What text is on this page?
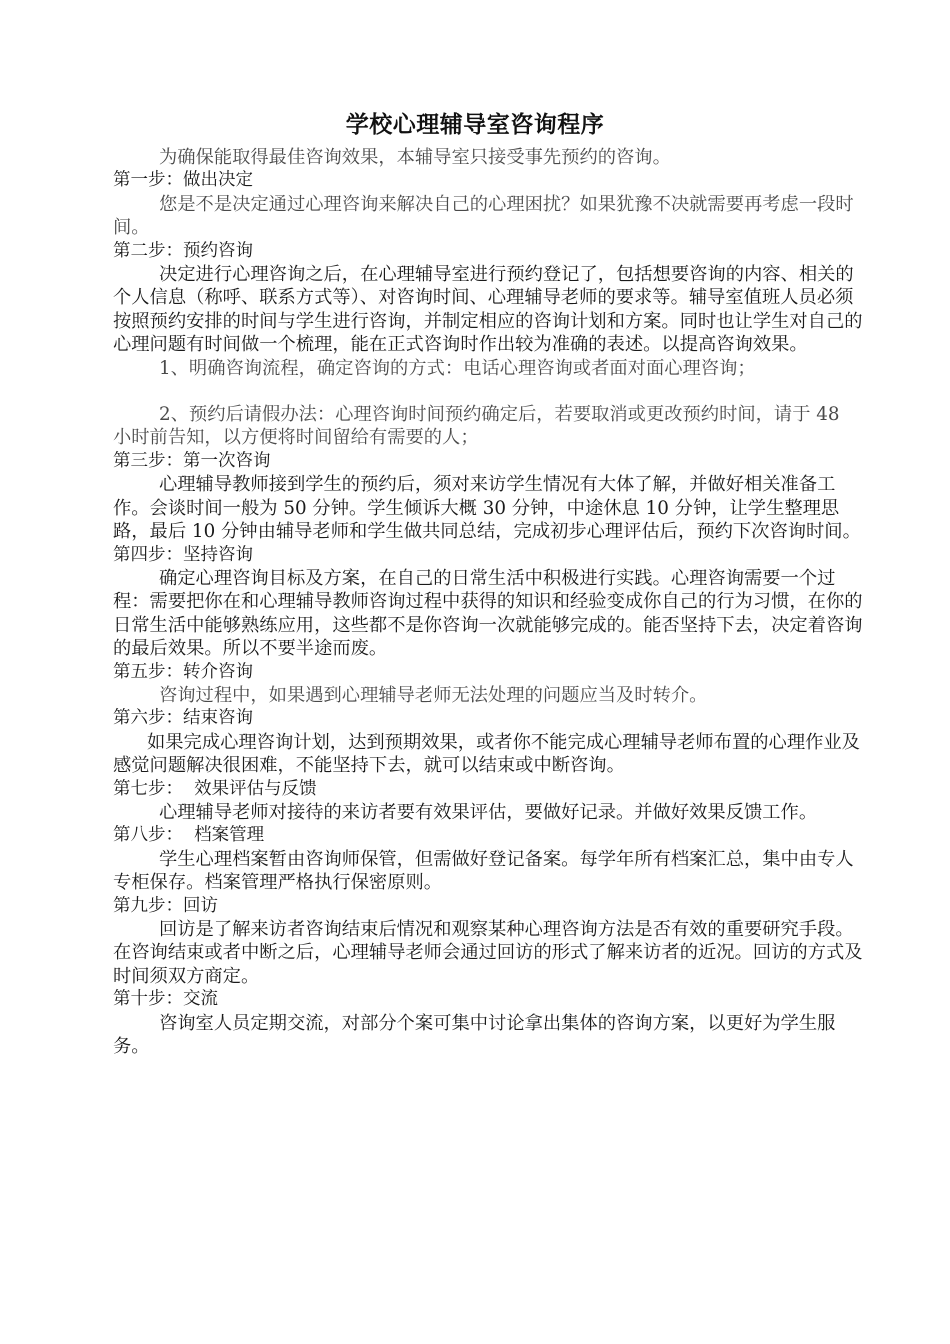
学校心理辅导室咨询程序

为确保能取得最佳咨询效果，本辅导室只接受事先预约的咨询。

第一步：做出决定

您是不是决定通过心理咨询来解决自己的心理困扰？如果犹豫不决就需要再考虑一段时间。

第二步：预约咨询

决定进行心理咨询之后，在心理辅导室进行预约登记了，包括想要咨询的内容、相关的个人信息（称呼、联系方式等）、对咨询时间、心理辅导老师的要求等。辅导室值班人员必须按照预约安排的时间与学生进行咨询，并制定相应的咨询计划和方案。同时也让学生对自己的心理问题有时间做一个梳理，能在正式咨询时作出较为准确的表述。以提高咨询效果。

1、明确咨询流程，确定咨询的方式：电话心理咨询或者面对面心理咨询；

2、预约后请假办法：心理咨询时间预约确定后，若要取消或更改预约时间，请于 48 小时前告知，以方便将时间留给有需要的人；

第三步：第一次咨询

心理辅导教师接到学生的预约后，须对来访学生情况有大体了解，并做好相关准备工作。会谈时间一般为 50 分钟。学生倾诉大概 30 分钟，中途休息 10 分钟，让学生整理思路，最后 10 分钟由辅导老师和学生做共同总结，完成初步心理评估后，预约下次咨询时间。

第四步：坚持咨询

确定心理咨询目标及方案，在自己的日常生活中积极进行实践。心理咨询需要一个过程：需要把你在和心理辅导教师咨询过程中获得的知识和经验变成你自己的行为习惯，在你的日常生活中能够熟练应用，这些都不是你咨询一次就能够完成的。能否坚持下去，决定着咨询的最后效果。所以不要半途而废。

第五步：转介咨询

咨询过程中，如果遇到心理辅导老师无法处理的问题应当及时转介。

第六步：结束咨询

如果完成心理咨询计划，达到预期效果，或者你不能完成心理辅导老师布置的心理作业及感觉问题解决很困难，不能坚持下去，就可以结束或中断咨询。

第七步：  效果评估与反馈

心理辅导老师对接待的来访者要有效果评估，要做好记录。并做好效果反馈工作。

第八步：  档案管理

学生心理档案暂由咨询师保管，但需做好登记备案。每学年所有档案汇总，集中由专人专柜保存。档案管理严格执行保密原则。

第九步：回访

回访是了解来访者咨询结束后情况和观察某种心理咨询方法是否有效的重要研究手段。在咨询结束或者中断之后，心理辅导老师会通过回访的形式了解来访者的近况。回访的方式及时间须双方商定。

第十步：交流

咨询室人员定期交流，对部分个案可集中讨论拿出集体的咨询方案，以更好为学生服务。
